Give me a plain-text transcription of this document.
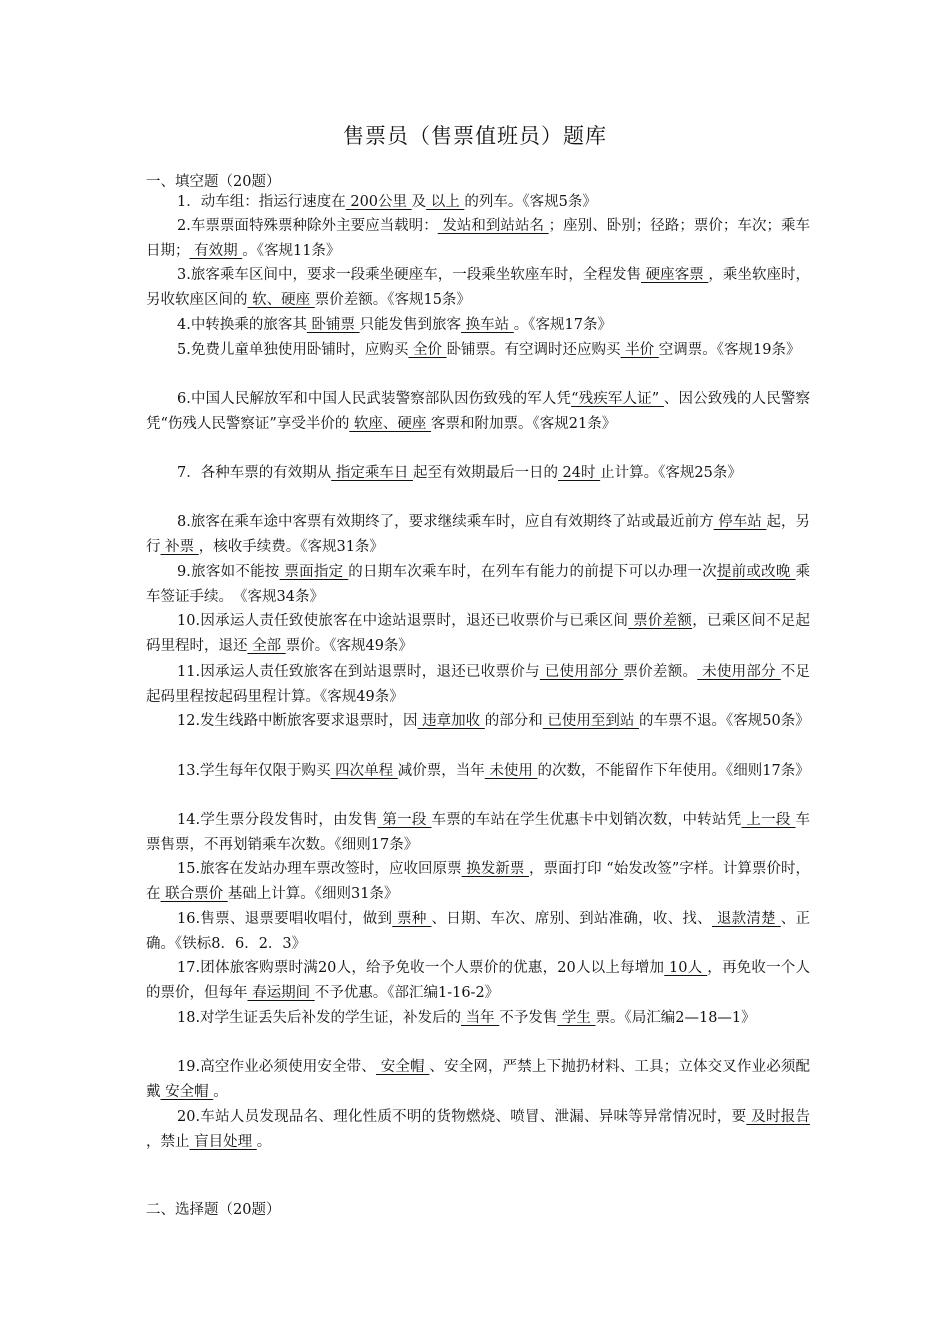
售票员（售票值班员）题库
一、填空题（20题）
1．动车组：指运行速度在 200公里 及 以上 的列车。《客规5条》
2.车票票面特殊票种除外主要应当载明： 发站和到站站名 ；座别、卧别；径路；票价；车次；乘车日期； 有效期 。《客规11条》
3.旅客乘车区间中，要求一段乘坐硬座车，一段乘坐软座车时，全程发售 硬座客票 ，乘坐软座时，另收软座区间的 软、硬座 票价差额。《客规15条》
4.中转换乘的旅客其 卧铺票 只能发售到旅客 换车站 。《客规17条》
5.免费儿童单独使用卧铺时，应购买 全价 卧铺票。有空调时还应购买 半价 空调票。《客规19条》
6.中国人民解放军和中国人民武装警察部队因伤致残的军人凭“残疾军人证” 、因公致残的人民警察凭“伤残人民警察证”享受半价的 软座、硬座 客票和附加票。《客规21条》
7．各种车票的有效期从 指定乘车日 起至有效期最后一日的 24时 止计算。《客规25条》
8.旅客在乘车途中客票有效期终了，要求继续乘车时，应自有效期终了站或最近前方 停车站 起，另行 补票 ，核收手续费。《客规31条》
9.旅客如不能按 票面指定 的日期车次乘车时，在列车有能力的前提下可以办理一次提前或改晚 乘车签证手续。　《客规34条》
10.因承运人责任致使旅客在中途站退票时，退还已收票价与已乘区间 票价差额，已乘区间不足起码里程时，退还 全部 票价。《客规49条》
11.因承运人责任致旅客在到站退票时，退还已收票价与 已使用部分 票价差额。 未使用部分 不足起码里程按起码里程计算。《客规49条》
12.发生线路中断旅客要求退票时，因 违章加收 的部分和 已使用至到站 的车票不退。《客规50条》
13.学生每年仅限于购买 四次单程 减价票，当年 未使用 的次数，不能留作下年使用。《细则17条》
14.学生票分段发售时，由发售 第一段 车票的车站在学生优惠卡中划销次数，中转站凭 上一段 车票售票，不再划销乘车次数。《细则17条》
15.旅客在发站办理车票改签时，应收回原票 换发新票 ，票面打印 “始发改签”字样。计算票价时，在 联合票价 基础上计算。《细则31条》
16.售票、退票要唱收唱付，做到 票种 、日期、车次、席别、到站准确，收、找、 退款清楚 、正确。《铁标8．6．2．3》
17.团体旅客购票时满20人，给予免收一个人票价的优惠，20人以上每增加 10人 ，再免收一个人的票价，但每年 春运期间 不予优惠。《部汇编1-16-2》
18.对学生证丢失后补发的学生证，补发后的 当年 不予发售 学生 票。《局汇编2—18—1》
19.高空作业必须使用安全带、 安全帽 、安全网，严禁上下抛扔材料、工具；立体交叉作业必须配戴 安全帽 。
20.车站人员发现品名、理化性质不明的货物燃烧、喷冒、泄漏、异味等异常情况时，要 及时报告 ，禁止 盲目处理 。
二、选择题（20题）
